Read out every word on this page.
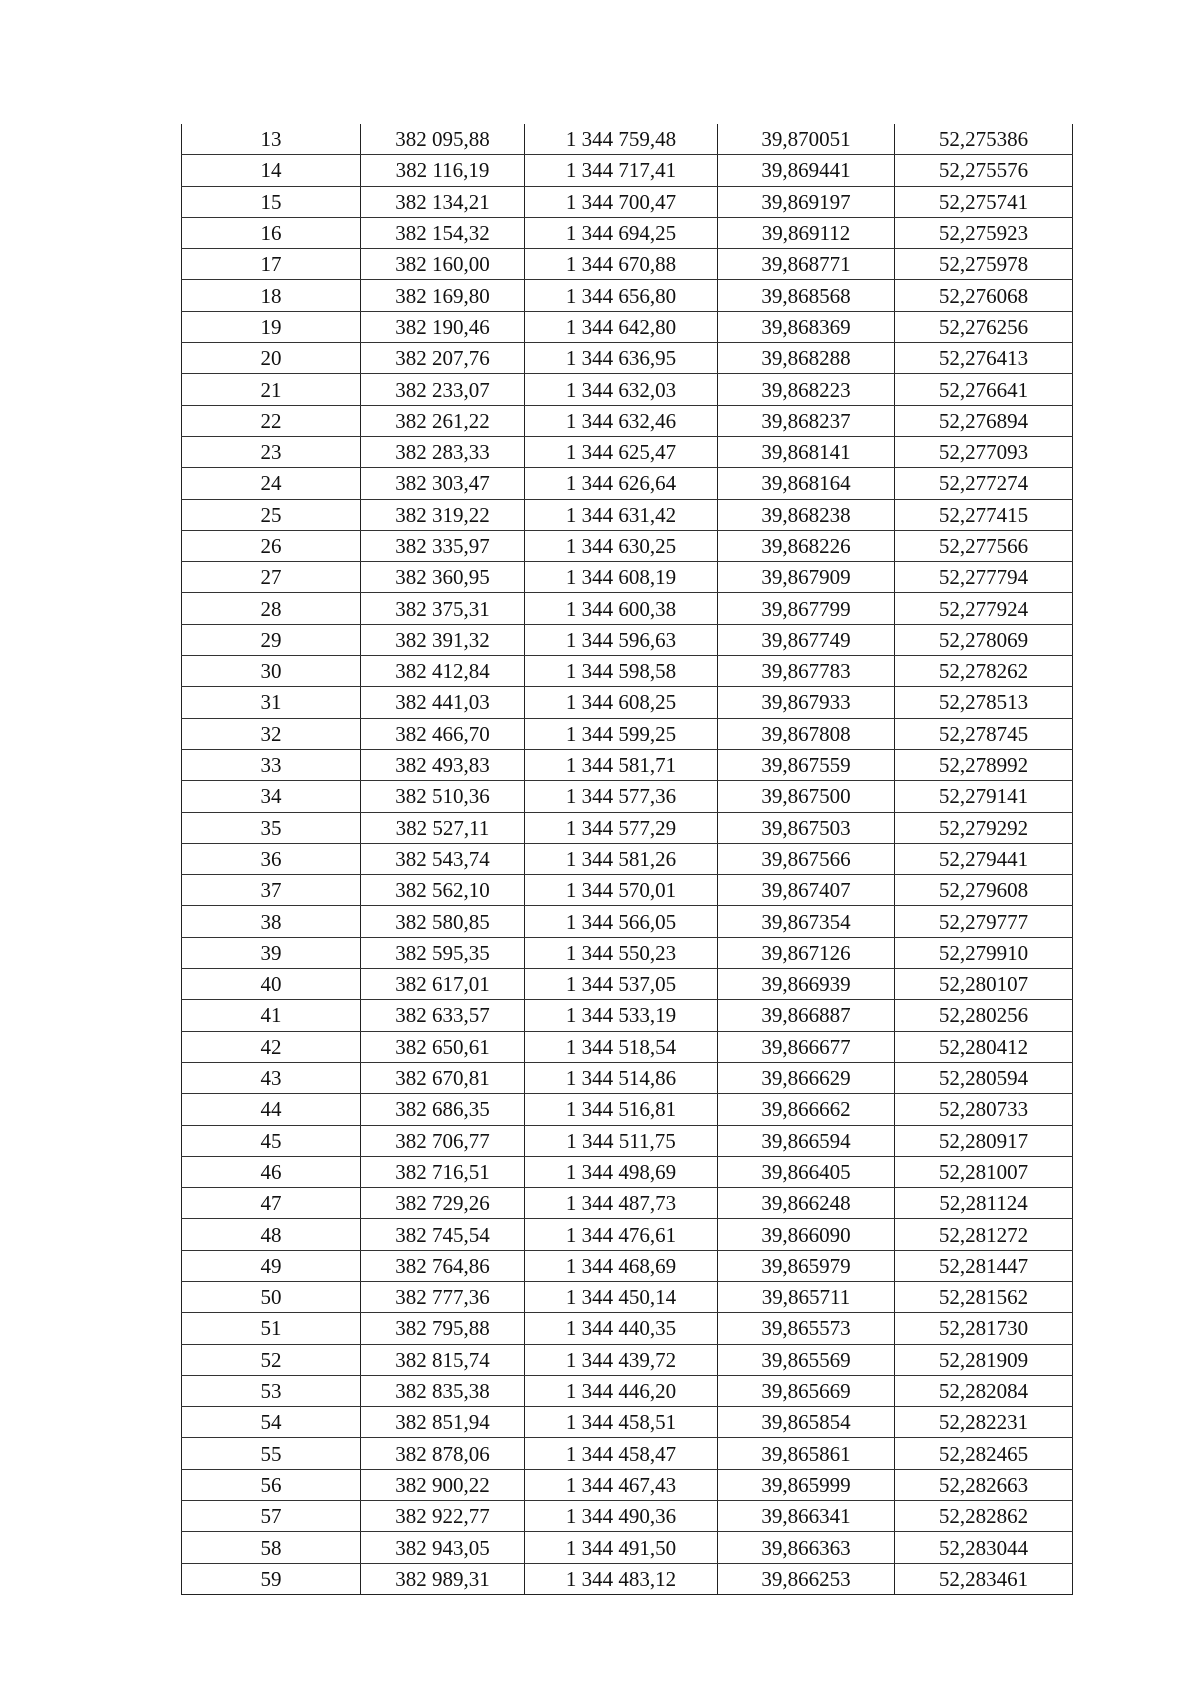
13	382 095,88	1 344 759,48	39,870051	52,275386
14	382 116,19	1 344 717,41	39,869441	52,275576
15	382 134,21	1 344 700,47	39,869197	52,275741
16	382 154,32	1 344 694,25	39,869112	52,275923
17	382 160,00	1 344 670,88	39,868771	52,275978
18	382 169,80	1 344 656,80	39,868568	52,276068
19	382 190,46	1 344 642,80	39,868369	52,276256
20	382 207,76	1 344 636,95	39,868288	52,276413
21	382 233,07	1 344 632,03	39,868223	52,276641
22	382 261,22	1 344 632,46	39,868237	52,276894
23	382 283,33	1 344 625,47	39,868141	52,277093
24	382 303,47	1 344 626,64	39,868164	52,277274
25	382 319,22	1 344 631,42	39,868238	52,277415
26	382 335,97	1 344 630,25	39,868226	52,277566
27	382 360,95	1 344 608,19	39,867909	52,277794
28	382 375,31	1 344 600,38	39,867799	52,277924
29	382 391,32	1 344 596,63	39,867749	52,278069
30	382 412,84	1 344 598,58	39,867783	52,278262
31	382 441,03	1 344 608,25	39,867933	52,278513
32	382 466,70	1 344 599,25	39,867808	52,278745
33	382 493,83	1 344 581,71	39,867559	52,278992
34	382 510,36	1 344 577,36	39,867500	52,279141
35	382 527,11	1 344 577,29	39,867503	52,279292
36	382 543,74	1 344 581,26	39,867566	52,279441
37	382 562,10	1 344 570,01	39,867407	52,279608
38	382 580,85	1 344 566,05	39,867354	52,279777
39	382 595,35	1 344 550,23	39,867126	52,279910
40	382 617,01	1 344 537,05	39,866939	52,280107
41	382 633,57	1 344 533,19	39,866887	52,280256
42	382 650,61	1 344 518,54	39,866677	52,280412
43	382 670,81	1 344 514,86	39,866629	52,280594
44	382 686,35	1 344 516,81	39,866662	52,280733
45	382 706,77	1 344 511,75	39,866594	52,280917
46	382 716,51	1 344 498,69	39,866405	52,281007
47	382 729,26	1 344 487,73	39,866248	52,281124
48	382 745,54	1 344 476,61	39,866090	52,281272
49	382 764,86	1 344 468,69	39,865979	52,281447
50	382 777,36	1 344 450,14	39,865711	52,281562
51	382 795,88	1 344 440,35	39,865573	52,281730
52	382 815,74	1 344 439,72	39,865569	52,281909
53	382 835,38	1 344 446,20	39,865669	52,282084
54	382 851,94	1 344 458,51	39,865854	52,282231
55	382 878,06	1 344 458,47	39,865861	52,282465
56	382 900,22	1 344 467,43	39,865999	52,282663
57	382 922,77	1 344 490,36	39,866341	52,282862
58	382 943,05	1 344 491,50	39,866363	52,283044
59	382 989,31	1 344 483,12	39,866253	52,283461
